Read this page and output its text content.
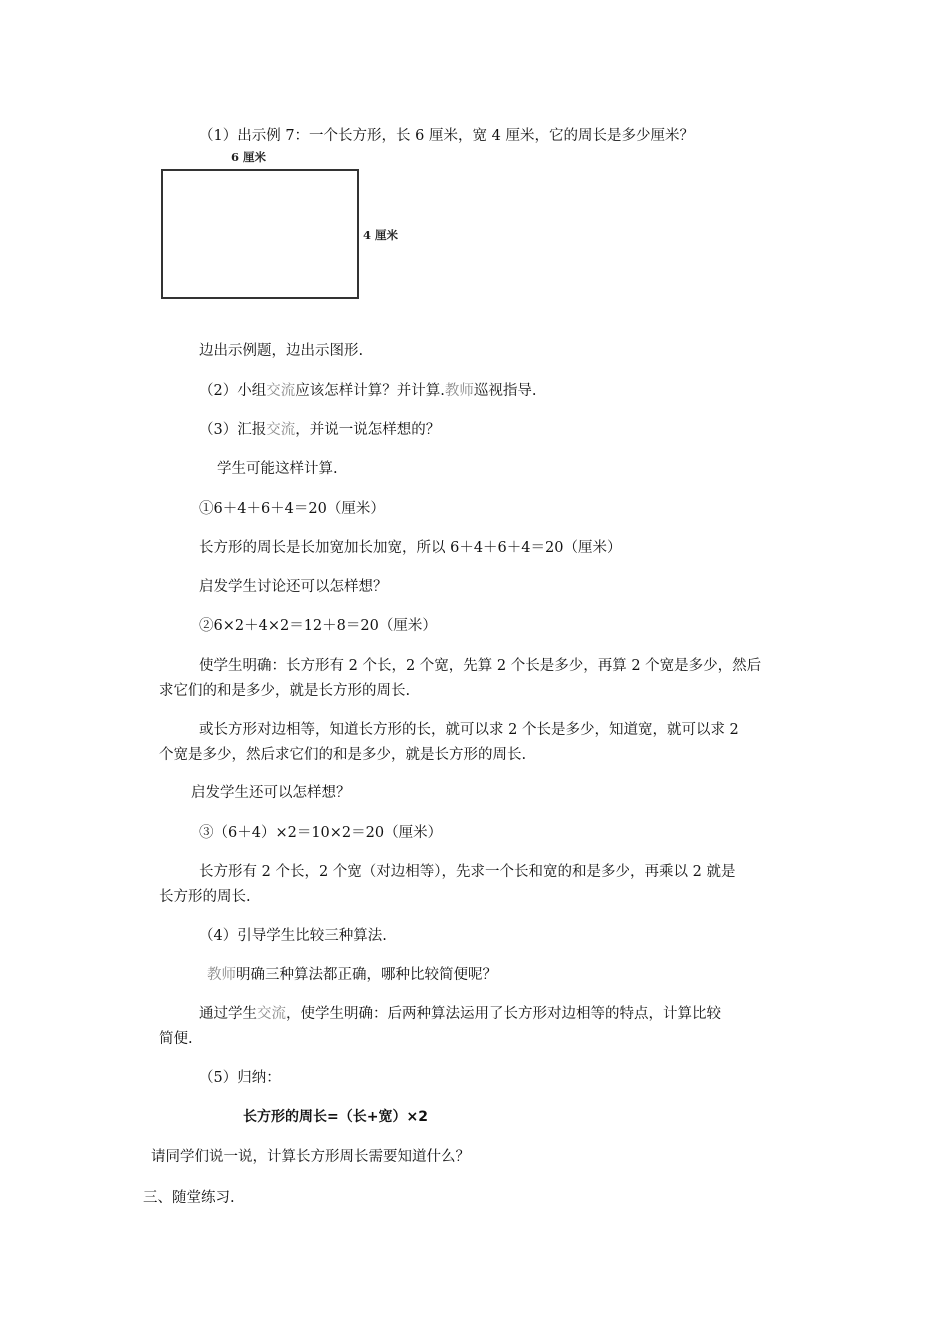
（1）出示例 7：一个长方形，长 6 厘米，宽 4 厘米，它的周长是多少厘米？
6 厘米
4 厘米
边出示例题，边出示图形.
（2）小组交流应该怎样计算？并计算.教师巡视指导.
（3）汇报交流，并说一说怎样想的？
学生可能这样计算.
①6＋4＋6＋4＝20（厘米）
长方形的周长是长加宽加长加宽，所以 6＋4＋6＋4＝20（厘米）
启发学生讨论还可以怎样想？
②6×2＋4×2＝12＋8＝20（厘米）
使学生明确：长方形有 2 个长，2 个宽，先算 2 个长是多少，再算 2 个宽是多少，然后
求它们的和是多少，就是长方形的周长.
或长方形对边相等，知道长方形的长，就可以求 2 个长是多少，知道宽，就可以求 2
个宽是多少，然后求它们的和是多少，就是长方形的周长.
启发学生还可以怎样想？
③（6＋4）×2＝10×2＝20（厘米）
长方形有 2 个长，2 个宽（对边相等），先求一个长和宽的和是多少，再乘以 2 就是
长方形的周长.
（4）引导学生比较三种算法.
教师明确三种算法都正确，哪种比较简便呢？
通过学生交流，使学生明确：后两种算法运用了长方形对边相等的特点，计算比较
简便.
（5）归纳：
长方形的周长=（长+宽）×2
请同学们说一说，计算长方形周长需要知道什么？
三、随堂练习.
